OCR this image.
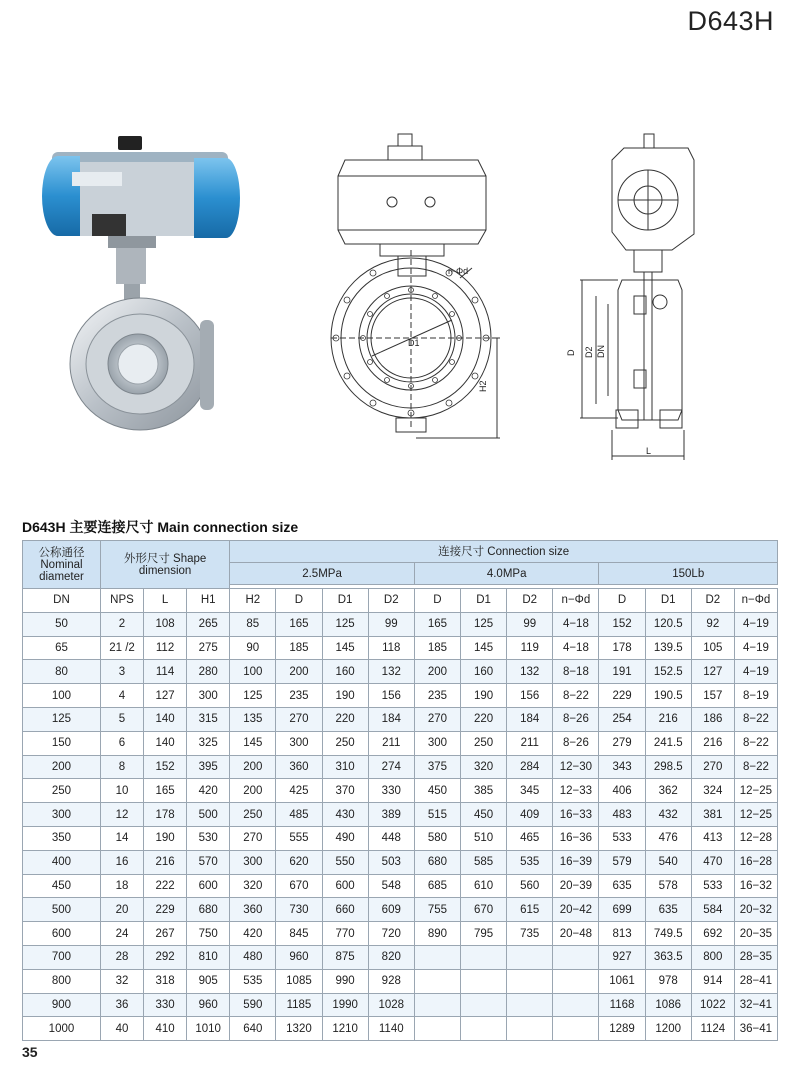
D643H
n-Φd
D1
H2
D D2 DN
L
D643H 主要连接尺寸 Main connection size
公称通径 Nominal diameter	外形尺寸 Shape dimension			连接尺寸 Connection size											
				2.5MPa				4.0MPa				150Lb			

DN	NPS	L	H1	H2	D	D1	D2	D	D1	D2	n−Φd	D	D1	D2	n−Φd
50	2	108	265	85	165	125	99	165	125	99	4−18	152	120.5	92	4−19
65	21 /2	112	275	90	185	145	118	185	145	119	4−18	178	139.5	105	4−19
80	3	114	280	100	200	160	132	200	160	132	8−18	191	152.5	127	4−19
100	4	127	300	125	235	190	156	235	190	156	8−22	229	190.5	157	8−19
125	5	140	315	135	270	220	184	270	220	184	8−26	254	216	186	8−22
150	6	140	325	145	300	250	211	300	250	211	8−26	279	241.5	216	8−22
200	8	152	395	200	360	310	274	375	320	284	12−30	343	298.5	270	8−22
250	10	165	420	200	425	370	330	450	385	345	12−33	406	362	324	12−25
300	12	178	500	250	485	430	389	515	450	409	16−33	483	432	381	12−25
350	14	190	530	270	555	490	448	580	510	465	16−36	533	476	413	12−28
400	16	216	570	300	620	550	503	680	585	535	16−39	579	540	470	16−28
450	18	222	600	320	670	600	548	685	610	560	20−39	635	578	533	16−32
500	20	229	680	360	730	660	609	755	670	615	20−42	699	635	584	20−32
600	24	267	750	420	845	770	720	890	795	735	20−48	813	749.5	692	20−35
700	28	292	810	480	960	875	820					927	363.5	800	28−35
800	32	318	905	535	1085	990	928					1061	978	914	28−41
900	36	330	960	590	1185	1990	1028					1168	1086	1022	32−41
1000	40	410	1010	640	1320	1210	1140					1289	1200	1124	36−41
35
